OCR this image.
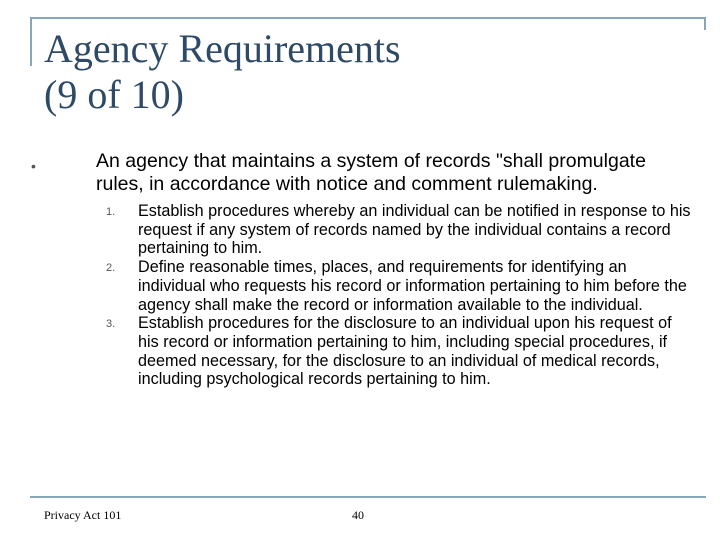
Agency Requirements
(9 of 10)
•	An agency that maintains a system of records "shall promulgate rules, in accordance with notice and comment rulemaking.

1. Establish procedures whereby an individual can be notified in response to his request if any system of records named by the individual contains a record pertaining to him.

2. Define reasonable times, places, and requirements for identifying an individual who requests his record or information pertaining to him before the agency shall make the record or information available to the individual.

3. Establish procedures for the disclosure to an individual upon his request of his record or information pertaining to him, including special procedures, if deemed necessary, for the disclosure to an individual of medical records, including psychological records pertaining to him.

Privacy Act 101	40
